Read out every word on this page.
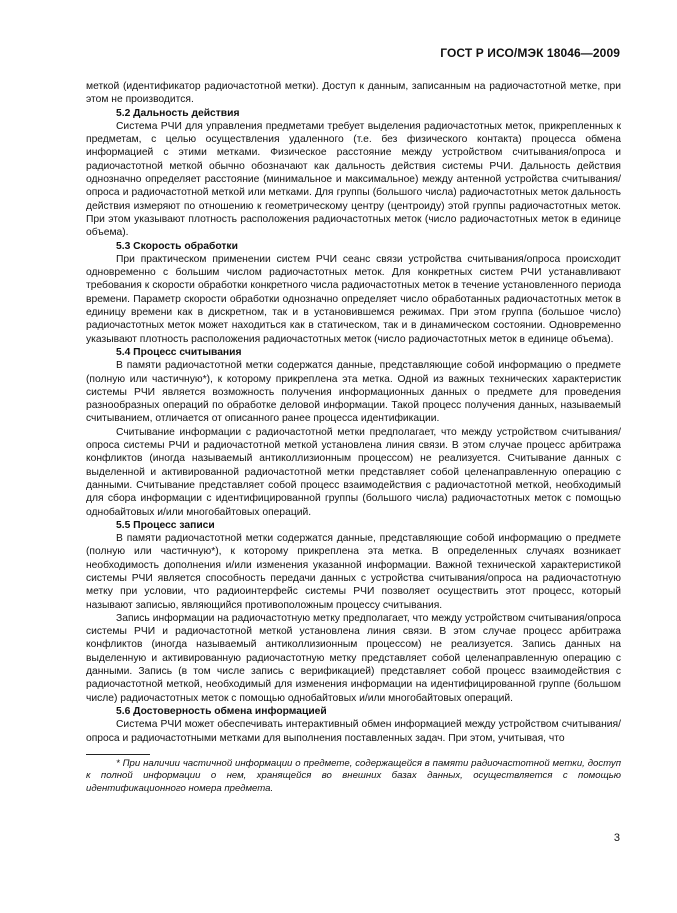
ГОСТ Р ИСО/МЭК 18046—2009

меткой (идентификатор радиочастотной метки). Доступ к данным, записанным на радиочастотной метке, при этом не производится.

5.2 Дальность действия

Система РЧИ для управления предметами требует выделения радиочастотных меток, прикрепленных к предметам, с целью осуществления удаленного (т.е. без физического контакта) процесса обмена информацией с этими метками. Физическое расстояние между устройством считывания/опроса и радиочастотной меткой обычно обозначают как дальность действия системы РЧИ. Дальность действия однозначно определяет расстояние (минимальное и максимальное) между антенной устройства считывания/опроса и радиочастотной меткой или метками. Для группы (большого числа) радиочастотных меток дальность действия измеряют по отношению к геометрическому центру (центроиду) этой группы радиочастотных меток. При этом указывают плотность расположения радиочастотных меток (число радиочастотных меток в единице объема).

5.3 Скорость обработки

При практическом применении систем РЧИ сеанс связи устройства считывания/опроса происходит одновременно с большим числом радиочастотных меток. Для конкретных систем РЧИ устанавливают требования к скорости обработки конкретного числа радиочастотных меток в течение установленного периода времени. Параметр скорости обработки однозначно определяет число обработанных радиочастотных меток в единицу времени как в дискретном, так и в установившемся режимах. При этом группа (большое число) радиочастотных меток может находиться как в статическом, так и в динамическом состоянии. Одновременно указывают плотность расположения радиочастотных меток (число радиочастотных меток в единице объема).

5.4 Процесс считывания

В памяти радиочастотной метки содержатся данные, представляющие собой информацию о предмете (полную или частичную*), к которому прикреплена эта метка. Одной из важных технических характеристик системы РЧИ является возможность получения информационных данных о предмете для проведения разнообразных операций по обработке деловой информации. Такой процесс получения данных, называемый считыванием, отличается от описанного ранее процесса идентификации.

Считывание информации с радиочастотной метки предполагает, что между устройством считывания/опроса системы РЧИ и радиочастотной меткой установлена линия связи. В этом случае процесс арбитража конфликтов (иногда называемый антиколлизионным процессом) не реализуется. Считывание данных с выделенной и активированной радиочастотной метки представляет собой целенаправленную операцию с данными. Считывание представляет собой процесс взаимодействия с радиочастотной меткой, необходимый для сбора информации с идентифицированной группы (большого числа) радиочастотных меток с помощью однобайтовых и/или многобайтовых операций.

5.5 Процесс записи

В памяти радиочастотной метки содержатся данные, представляющие собой информацию о предмете (полную или частичную*), к которому прикреплена эта метка. В определенных случаях возникает необходимость дополнения и/или изменения указанной информации. Важной технической характеристикой системы РЧИ является способность передачи данных с устройства считывания/опроса на радиочастотную метку при условии, что радиоинтерфейс системы РЧИ позволяет осуществить этот процесс, который называют записью, являющийся противоположным процессу считывания.

Запись информации на радиочастотную метку предполагает, что между устройством считывания/опроса системы РЧИ и радиочастотной меткой установлена линия связи. В этом случае процесс арбитража конфликтов (иногда называемый антиколлизионным процессом) не реализуется. Запись данных на выделенную и активированную радиочастотную метку представляет собой целенаправленную операцию с данными. Запись (в том числе запись с верификацией) представляет собой процесс взаимодействия с радиочастотной меткой, необходимый для изменения информации на идентифицированной группе (большом числе) радиочастотных меток с помощью однобайтовых и/или многобайтовых операций.

5.6 Достоверность обмена информацией

Система РЧИ может обеспечивать интерактивный обмен информацией между устройством считывания/опроса и радиочастотными метками для выполнения поставленных задач. При этом, учитывая, что

* При наличии частичной информации о предмете, содержащейся в памяти радиочастотной метки, доступ к полной информации о нем, хранящейся во внешних базах данных, осуществляется с помощью идентификационного номера предмета.

3
